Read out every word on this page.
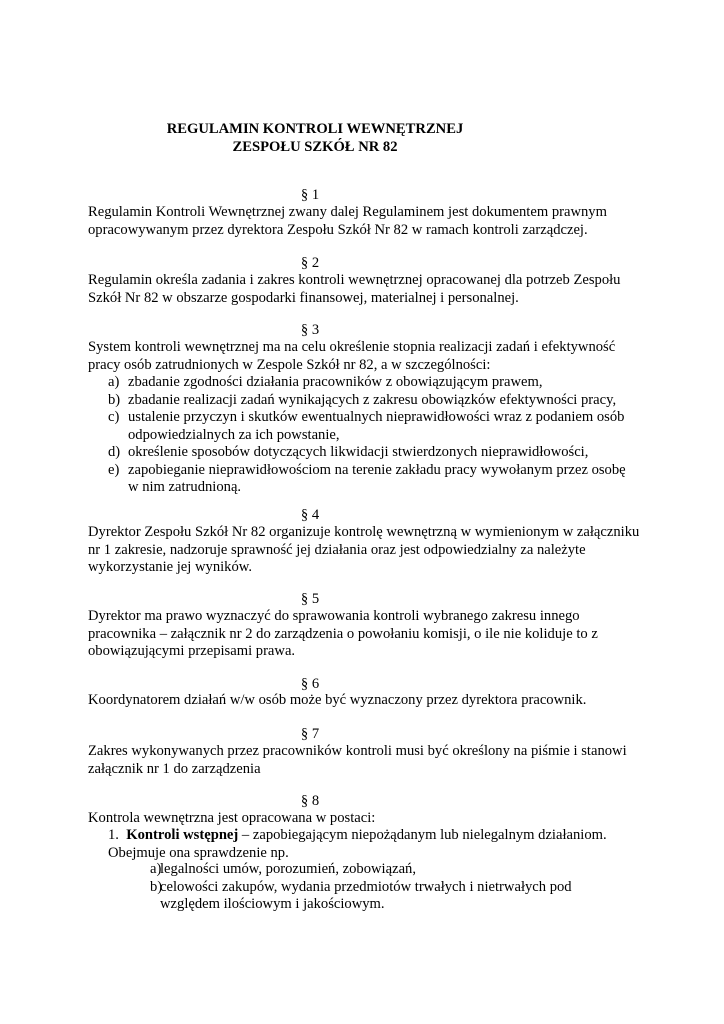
REGULAMIN KONTROLI WEWNĘTRZNEJ
ZESPOŁU SZKÓŁ NR 82
§ 1
Regulamin Kontroli Wewnętrznej zwany dalej Regulaminem jest dokumentem prawnym
opracowywanym przez dyrektora Zespołu Szkół Nr 82 w ramach kontroli zarządczej.
§ 2
Regulamin określa zadania i zakres kontroli wewnętrznej opracowanej dla potrzeb Zespołu
Szkół Nr 82 w obszarze gospodarki finansowej, materialnej i personalnej.
§ 3
System kontroli wewnętrznej ma na celu określenie stopnia realizacji zadań i efektywność
pracy osób zatrudnionych w Zespole Szkół nr 82, a w szczególności:
a) zbadanie zgodności działania pracowników z obowiązującym prawem,
b) zbadanie realizacji zadań wynikających z zakresu obowiązków efektywności pracy,
c) ustalenie przyczyn i skutków ewentualnych nieprawidłowości wraz z podaniem osób
odpowiedzialnych za ich powstanie,
d) określenie sposobów dotyczących likwidacji stwierdzonych nieprawidłowości,
e) zapobieganie nieprawidłowościom na terenie zakładu pracy wywołanym przez osobę
w nim zatrudnioną.
§ 4
Dyrektor Zespołu Szkół Nr 82 organizuje kontrolę wewnętrzną w wymienionym w załączniku
nr 1 zakresie, nadzoruje sprawność jej działania oraz jest odpowiedzialny za należyte
wykorzystanie jej wyników.
§ 5
Dyrektor ma prawo wyznaczyć do sprawowania kontroli wybranego zakresu innego
pracownika – załącznik nr 2 do zarządzenia o powołaniu komisji, o ile nie koliduje to z
obowiązującymi przepisami prawa.
§ 6
Koordynatorem działań w/w osób może być wyznaczony przez dyrektora pracownik.
§ 7
Zakres wykonywanych przez pracowników kontroli musi być określony na piśmie i stanowi
załącznik nr 1 do zarządzenia
§ 8
Kontrola wewnętrzna jest opracowana w postaci:
1. Kontroli wstępnej – zapobiegającym niepożądanym lub nielegalnym działaniom.
Obejmuje ona sprawdzenie np.
a)
legalności umów, porozumień, zobowiązań,
b)
celowości zakupów, wydania przedmiotów trwałych i nietrwałych pod
względem ilościowym i jakościowym.
